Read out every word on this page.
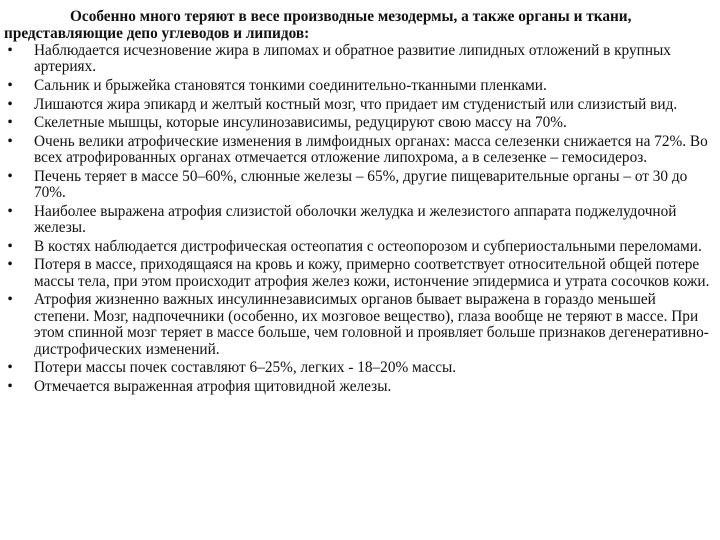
Особенно много теряют в весе производные мезодермы, а также органы и ткани, представляющие депо углеводов и липидов:

• Наблюдается исчезновение жира в липомах и обратное развитие липидных отложений в крупных артериях.
• Сальник и брыжейка становятся тонкими соединительно-тканными пленками.
• Лишаются жира эпикард и желтый костный мозг, что придает им студенистый или слизистый вид.
• Скелетные мышцы, которые инсулинозависимы, редуцируют свою массу на 70%.
• Очень велики атрофические изменения в лимфоидных органах: масса селезенки снижается на 72%. Во всех атрофированных органах отмечается отложение липохрома, а в селезенке – гемосидероз.
• Печень теряет в массе 50–60%, слюнные железы – 65%, другие пищеварительные органы – от 30 до 70%.
• Наиболее выражена атрофия слизистой оболочки желудка и железистого аппарата поджелудочной железы.
• В костях наблюдается дистрофическая остеопатия с остеопорозом и субпериостальными переломами.
• Потеря в массе, приходящаяся на кровь и кожу, примерно соответствует относительной общей потере массы тела, при этом происходит атрофия желез кожи, истончение эпидермиса и утрата сосочков кожи.
• Атрофия жизненно важных инсулиннезависимых органов бывает выражена в гораздо меньшей степени. Мозг, надпочечники (особенно, их мозговое вещество), глаза вообще не теряют в массе. При этом спинной мозг теряет в массе больше, чем головной и проявляет больше признаков дегенеративно-дистрофических изменений.
• Потери массы почек составляют 6–25%, легких - 18–20% массы.
• Отмечается выраженная атрофия щитовидной железы.
